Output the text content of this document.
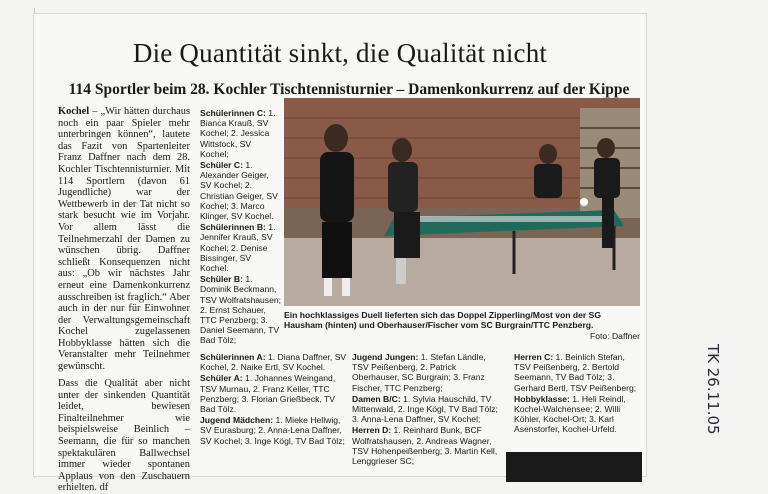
Die Quantität sinkt, die Qualität nicht
114 Sportler beim 28. Kochler Tischtennisturnier – Damenkonkurrenz auf der Kippe

Kochel – „Wir hätten durchaus noch ein paar Spieler mehr unterbringen können“, lautete das Fazit von Spartenleiter Franz Daffner nach dem 28. Kochler Tischtennisturnier. Mit 114 Sportlern (davon 61 Jugendliche) war der Wettbewerb in der Tat nicht so stark besucht wie im Vorjahr. Vor allem lässt die Teilnehmerzahl der Damen zu wünschen übrig. Daffner schließt Konsequenzen nicht aus: „Ob wir nächstes Jahr erneut eine Damenkonkurrenz ausschreiben ist fraglich.“ Aber auch in der nur für Einwohner der Verwaltungsgemeinschaft Kochel zugelassenen Hobbyklasse hätten sich die Veranstalter mehr Teilnehmer gewünscht.

Dass die Qualität aber nicht unter der sinkenden Quantität leidet, bewiesen Finalteilnehmer wie beispielsweise Beinlich – Seemann, die für so manchen spektakulären Ballwechsel immer wieder spontanen Applaus von den Zuschauern erhielten. df

Schülerinnen C: 1. Bianca Krauß, SV Kochel; 2. Jessica Wittstock, SV Kochel;

Schüler C: 1. Alexander Geiger, SV Kochel; 2. Christian Geiger, SV Kochel; 3. Marco Klinger, SV Kochel.

Schülerinnen B: 1. Jennifer Krauß, SV Kochel; 2. Denise Bissinger, SV Kochel.

Schüler B: 1. Dominik Beckmann, TSV Wolfratshausen; 2. Ernst Schauer, TTC Penzberg; 3. Daniel Seemann, TV Bad Tölz;

Ein hochklassiges Duell lieferten sich das Doppel Zipperling/Most von der SG Hausham (hinten) und Oberhauser/Fischer vom SC Burgrain/TTC Penzberg.
Foto: Daffner

Schülerinnen A: 1. Diana Daffner, SV Kochel, 2. Naike Ertl, SV Kochel.

Schüler A: 1. Johannes Weingand, TSV Murnau, 2. Franz Keller, TTC Penzberg; 3. Florian Grießbeck, TV Bad Tölz.

Jugend Mädchen: 1. Mieke Hellwig, SV Eurasburg; 2. Anna-Lena Daffner, SV Kochel; 3. Inge Kögl, TV Bad Tölz;

Jugend Jungen: 1. Stefan Ländle, TSV Peißenberg, 2. Patrick Oberhauser, SC Burgrain; 3. Franz Fischer, TTC Penzberg;

Damen B/C: 1. Sylvia Hauschild, TV Mittenwald, 2. Inge Kögl, TV Bad Tölz; 3. Anna-Lena Daffner, SV Kochel;

Herren D: 1. Reinhard Bunk, BCF Wolfratshausen, 2. Andreas Wagner, TSV Hohenpeißenberg; 3. Martin Kell, Lenggrieser SC;

Herren C: 1. Beinlich Stefan, TSV Peißenberg, 2. Bertold Seemann, TV Bad Tölz; 3. Gerhard Bertl, TSV Peißenberg;

Hobbyklasse: 1. Heli Reindl, Kochel-Walchensee; 2. Willi Köhler, Kochel-Ort; 3. Karl Asenstorfer, Kochel-Urfeld.	TK 26.11.05
